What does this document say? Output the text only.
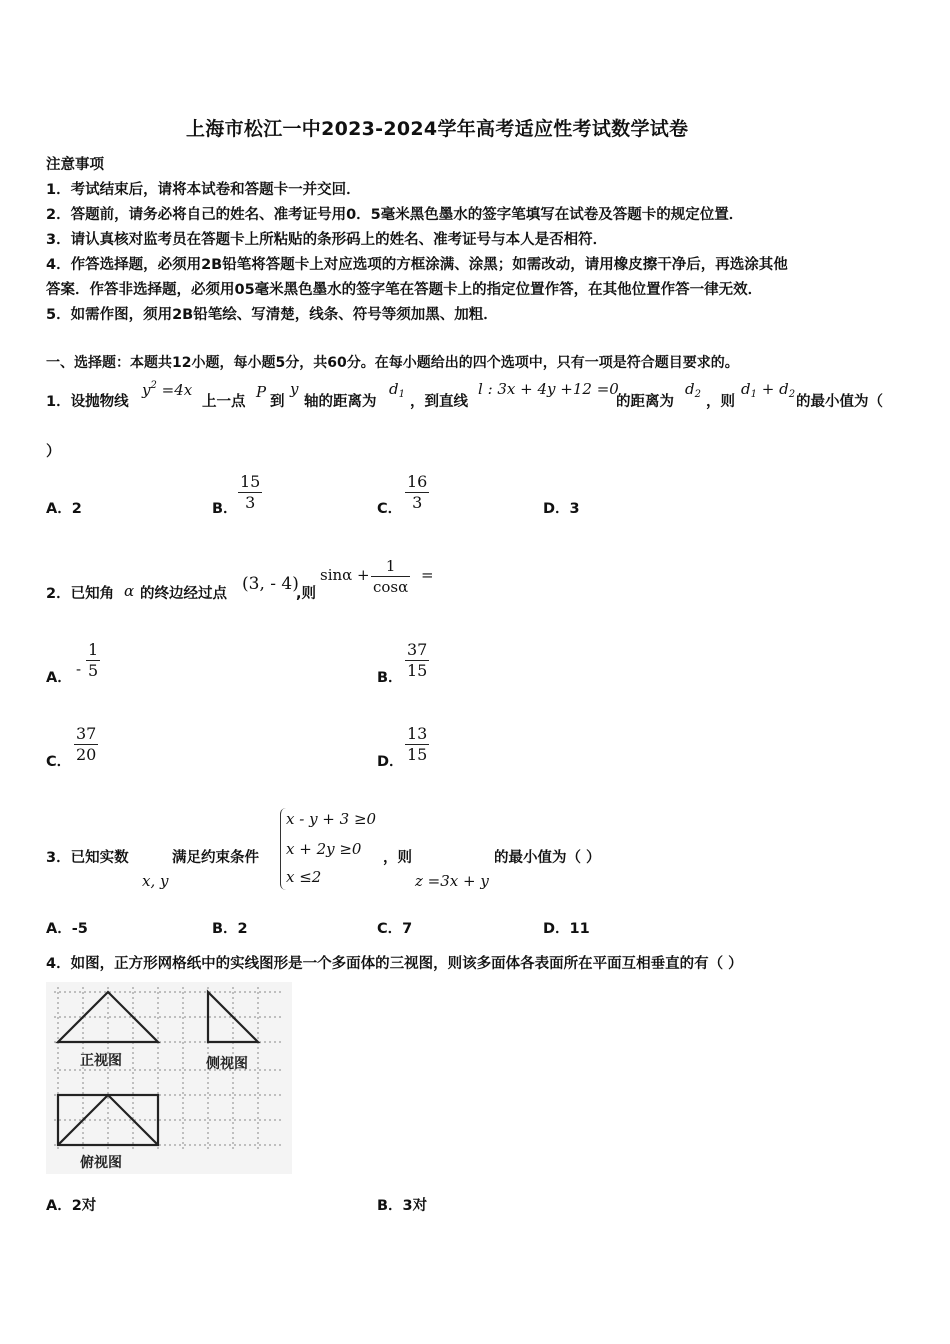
上海市松江一中2023-2024学年高考适应性考试数学试卷
注意事项
1．考试结束后，请将本试卷和答题卡一并交回．
2．答题前，请务必将自己的姓名、准考证号用0．5毫米黑色墨水的签字笔填写在试卷及答题卡的规定位置．
3．请认真核对监考员在答题卡上所粘贴的条形码上的姓名、准考证号与本人是否相符．
4．作答选择题，必须用2B铅笔将答题卡上对应选项的方框涂满、涂黑；如需改动，请用橡皮擦干净后，再选涂其他
答案．作答非选择题，必须用05毫米黑色墨水的签字笔在答题卡上的指定位置作答，在其他位置作答一律无效．
5．如需作图，须用2B铅笔绘、写清楚，线条、符号等须加黑、加粗．
一、选择题：本题共12小题，每小题5分，共60分。在每小题给出的四个选项中，只有一项是符合题目要求的。
1．设抛物线
$y^2 =4x$
上一点
P
到
y
轴的距离为
$d_1$ ，到直线
l : 3x + 4y +12 =0
的距离为
$d_2$ ，则
$d_1 + d_2$ 的最小值为（
）
A．2	B．
15
3	C．
16
3	D．3
2．已知角 α 的终边经过点 (3, - 4)
,则
sinα + 1
cosα
=
A． -
1
5	B．
37
15
C．
37
20	D．
13
15
3．已知实数	满足约束条件
x, y
x - y + 3 ≥0
x + 2y ≥0
x ≤2
，则
z =3x + y
的最小值为（ ）
A．-5	B．2	C．7	D．11
4．如图，正方形网格纸中的实线图形是一个多面体的三视图，则该多面体各表面所在平面互相垂直的有（ ）
正视图	侧视图
俯视图
A．2对	B．3对
